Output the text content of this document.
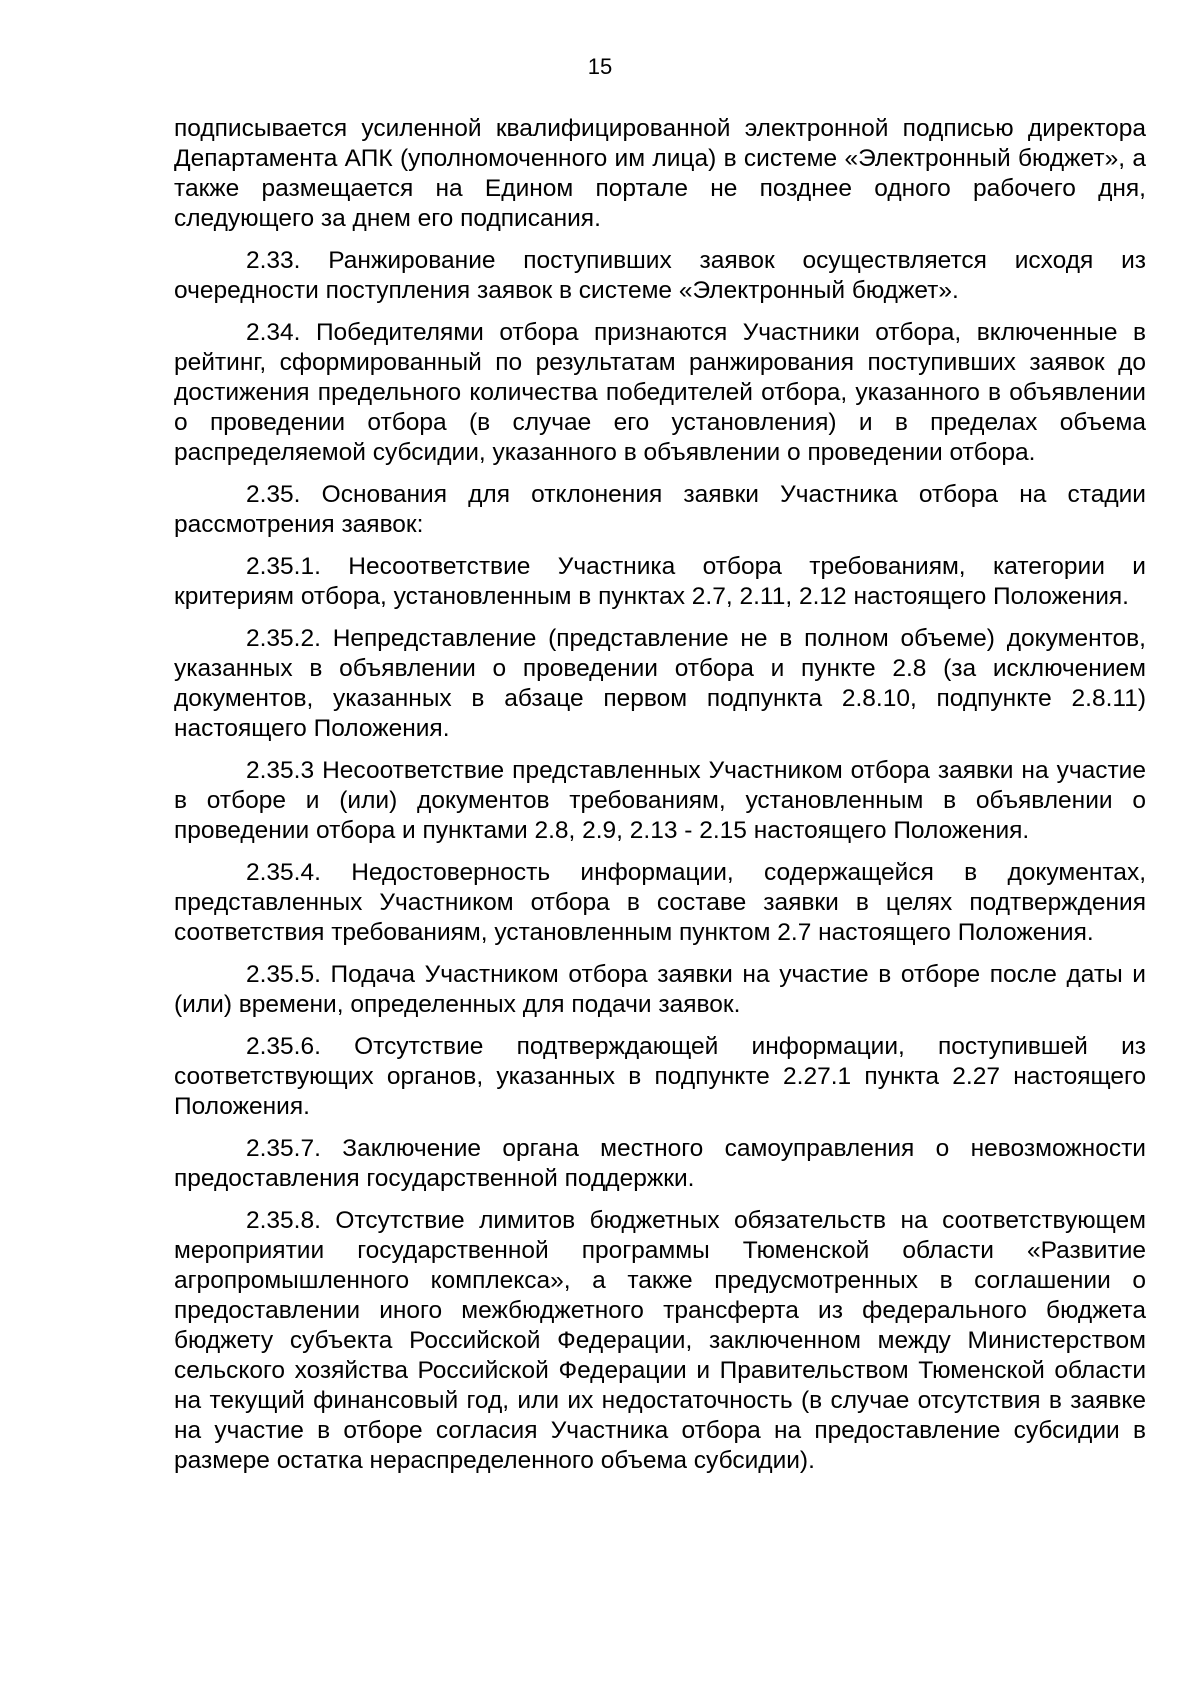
15

подписывается усиленной квалифицированной электронной подписью директора Департамента АПК (уполномоченного им лица) в системе «Электронный бюджет», а также размещается на Едином портале не позднее одного рабочего дня, следующего за днем его подписания.

2.33. Ранжирование поступивших заявок осуществляется исходя из очередности поступления заявок в системе «Электронный бюджет».

2.34. Победителями отбора признаются Участники отбора, включенные в рейтинг, сформированный по результатам ранжирования поступивших заявок до достижения предельного количества победителей отбора, указанного в объявлении о проведении отбора (в случае его установления) и в пределах объема распределяемой субсидии, указанного в объявлении о проведении отбора.

2.35. Основания для отклонения заявки Участника отбора на стадии рассмотрения заявок:

2.35.1. Несоответствие Участника отбора требованиям, категории и критериям отбора, установленным в пунктах 2.7, 2.11, 2.12 настоящего Положения.

2.35.2. Непредставление (представление не в полном объеме) документов, указанных в объявлении о проведении отбора и пункте 2.8 (за исключением документов, указанных в абзаце первом подпункта 2.8.10, подпункте 2.8.11) настоящего Положения.

2.35.3 Несоответствие представленных Участником отбора заявки на участие в отборе и (или) документов требованиям, установленным в объявлении о проведении отбора и пунктами 2.8, 2.9, 2.13 - 2.15 настоящего Положения.

2.35.4. Недостоверность информации, содержащейся в документах, представленных Участником отбора в составе заявки в целях подтверждения соответствия требованиям, установленным пунктом 2.7 настоящего Положения.

2.35.5. Подача Участником отбора заявки на участие в отборе после даты и (или) времени, определенных для подачи заявок.

2.35.6. Отсутствие подтверждающей информации, поступившей из соответствующих органов, указанных в подпункте 2.27.1 пункта 2.27 настоящего Положения.

2.35.7. Заключение органа местного самоуправления о невозможности предоставления государственной поддержки.

2.35.8. Отсутствие лимитов бюджетных обязательств на соответствующем мероприятии государственной программы Тюменской области «Развитие агропромышленного комплекса», а также предусмотренных в соглашении о предоставлении иного межбюджетного трансферта из федерального бюджета бюджету субъекта Российской Федерации, заключенном между Министерством сельского хозяйства Российской Федерации и Правительством Тюменской области на текущий финансовый год, или их недостаточность (в случае отсутствия в заявке на участие в отборе согласия Участника отбора на предоставление субсидии в размере остатка нераспределенного объема субсидии).
